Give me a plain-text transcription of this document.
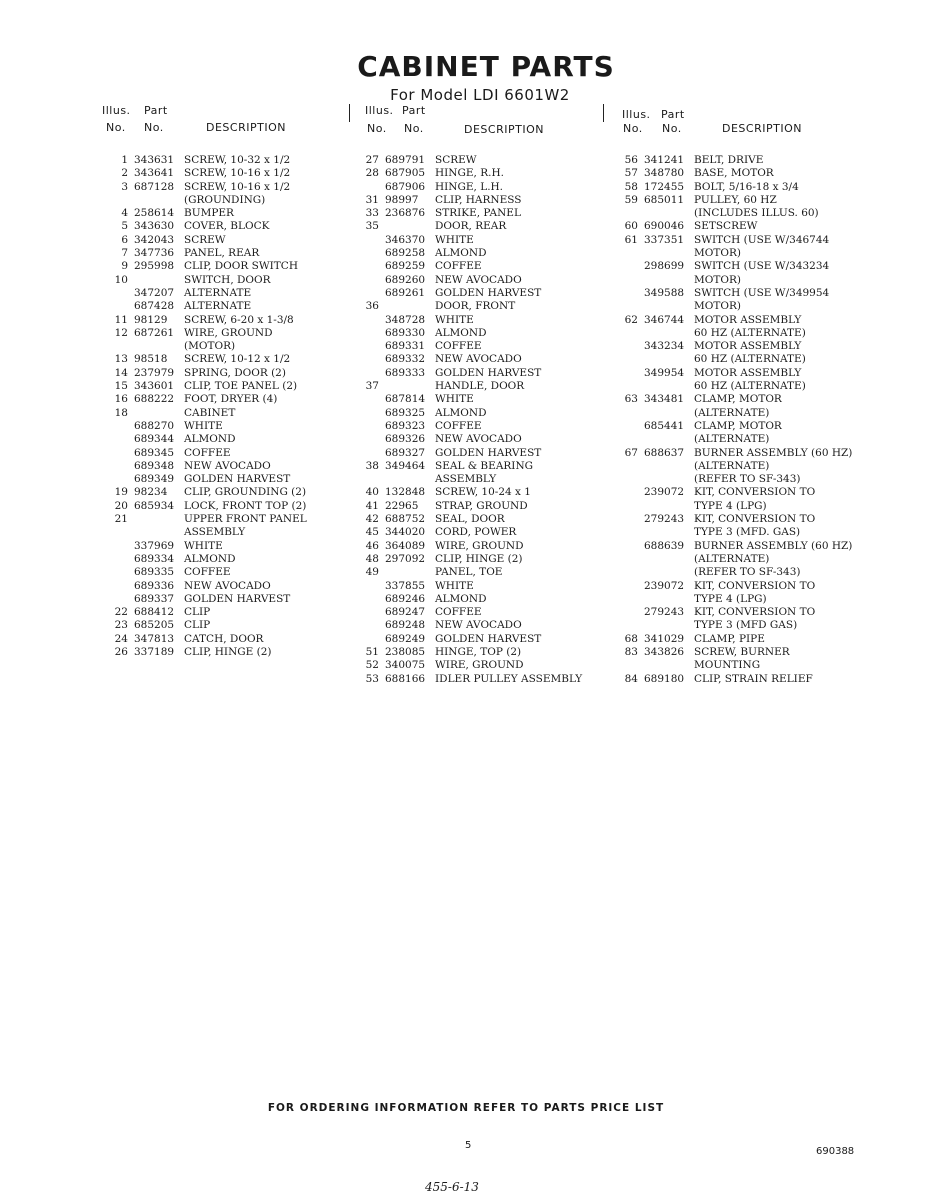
CABINET PARTS
For Model LDI 6601W2
Illus. Part
No. No.	DESCRIPTION
1 343631 SCREW, 10-32 x 1/2
2 343641 SCREW, 10-16 x 1/2
3 687128 SCREW, 10-16 x 1/2
(GROUNDING)
4 258614 BUMPER
5 343630 COVER, BLOCK
6 342043 SCREW
7 347736 PANEL, REAR
9 295998 CLIP, DOOR SWITCH
10	SWITCH, DOOR
347207 ALTERNATE
687428 ALTERNATE
11 98129 SCREW, 6-20 x 1-3/8
12 687261 WIRE, GROUND
(MOTOR)
13 98518 SCREW, 10-12 x 1/2
14 237979 SPRING, DOOR (2)
15 343601 CLIP, TOE PANEL (2)
16 688222 FOOT, DRYER (4)
18	CABINET
688270 WHITE
689344 ALMOND
689345 COFFEE
689348 NEW AVOCADO
689349 GOLDEN HARVEST
19 98234 CLIP, GROUNDING (2)
20 685934 LOCK, FRONT TOP (2)
21	UPPER FRONT PANEL
ASSEMBLY
337969 WHITE
689334 ALMOND
689335 COFFEE
689336 NEW AVOCADO
689337 GOLDEN HARVEST
22 688412 CLIP
23 685205 CLIP
24 347813 CATCH, DOOR
26 337189 CLIP, HINGE (2)
Illus. Part
No. No.	DESCRIPTION
27 689791 SCREW
28 687905 HINGE, R.H.
687906 HINGE, L.H.
31 98997 CLIP, HARNESS
33 236876 STRIKE, PANEL
35	DOOR, REAR
346370 WHITE
689258 ALMOND
689259 COFFEE
689260 NEW AVOCADO
689261 GOLDEN HARVEST
36	DOOR, FRONT
348728 WHITE
689330 ALMOND
689331 COFFEE
689332 NEW AVOCADO
689333 GOLDEN HARVEST
37	HANDLE, DOOR
687814 WHITE
689325 ALMOND
689323 COFFEE
689326 NEW AVOCADO
689327 GOLDEN HARVEST
38 349464 SEAL & BEARING
ASSEMBLY
40 132848 SCREW, 10-24 x 1
41 22965 STRAP, GROUND
42 688752 SEAL, DOOR
45 344020 CORD, POWER
46 364089 WIRE, GROUND
48 297092 CLIP, HINGE (2)
49	PANEL, TOE
337855 WHITE
689246 ALMOND
689247 COFFEE
689248 NEW AVOCADO
689249 GOLDEN HARVEST
51 238085 HINGE, TOP (2)
52 340075 WIRE, GROUND
53 688166 IDLER PULLEY ASSEMBLY
Illus. Part
No. No.	DESCRIPTION
56 341241 BELT, DRIVE
57 348780 BASE, MOTOR
58 172455 BOLT, 5/16-18 x 3/4
59 685011 PULLEY, 60 HZ
(INCLUDES ILLUS. 60)
60 690046 SETSCREW
61 337351 SWITCH (USE W/346744
MOTOR)
298699 SWITCH (USE W/343234
MOTOR)
349588 SWITCH (USE W/349954
MOTOR)
62 346744 MOTOR ASSEMBLY
60 HZ (ALTERNATE)
343234 MOTOR ASSEMBLY
60 HZ (ALTERNATE)
349954 MOTOR ASSEMBLY
60 HZ (ALTERNATE)
63 343481 CLAMP, MOTOR
(ALTERNATE)
685441 CLAMP, MOTOR
(ALTERNATE)
67 688637 BURNER ASSEMBLY (60 HZ)
(ALTERNATE)
(REFER TO SF-343)
239072 KIT, CONVERSION TO
TYPE 4 (LPG)
279243 KIT, CONVERSION TO
TYPE 3 (MFD. GAS)
688639 BURNER ASSEMBLY (60 HZ)
(ALTERNATE)
(REFER TO SF-343)
239072 KIT, CONVERSION TO
TYPE 4 (LPG)
279243 KIT, CONVERSION TO
TYPE 3 (MFD GAS)
68 341029 CLAMP, PIPE
83 343826 SCREW, BURNER
MOUNTING
84 689180 CLIP, STRAIN RELIEF
FOR ORDERING INFORMATION REFER TO PARTS PRICE LIST
5
690388
455-6-13
